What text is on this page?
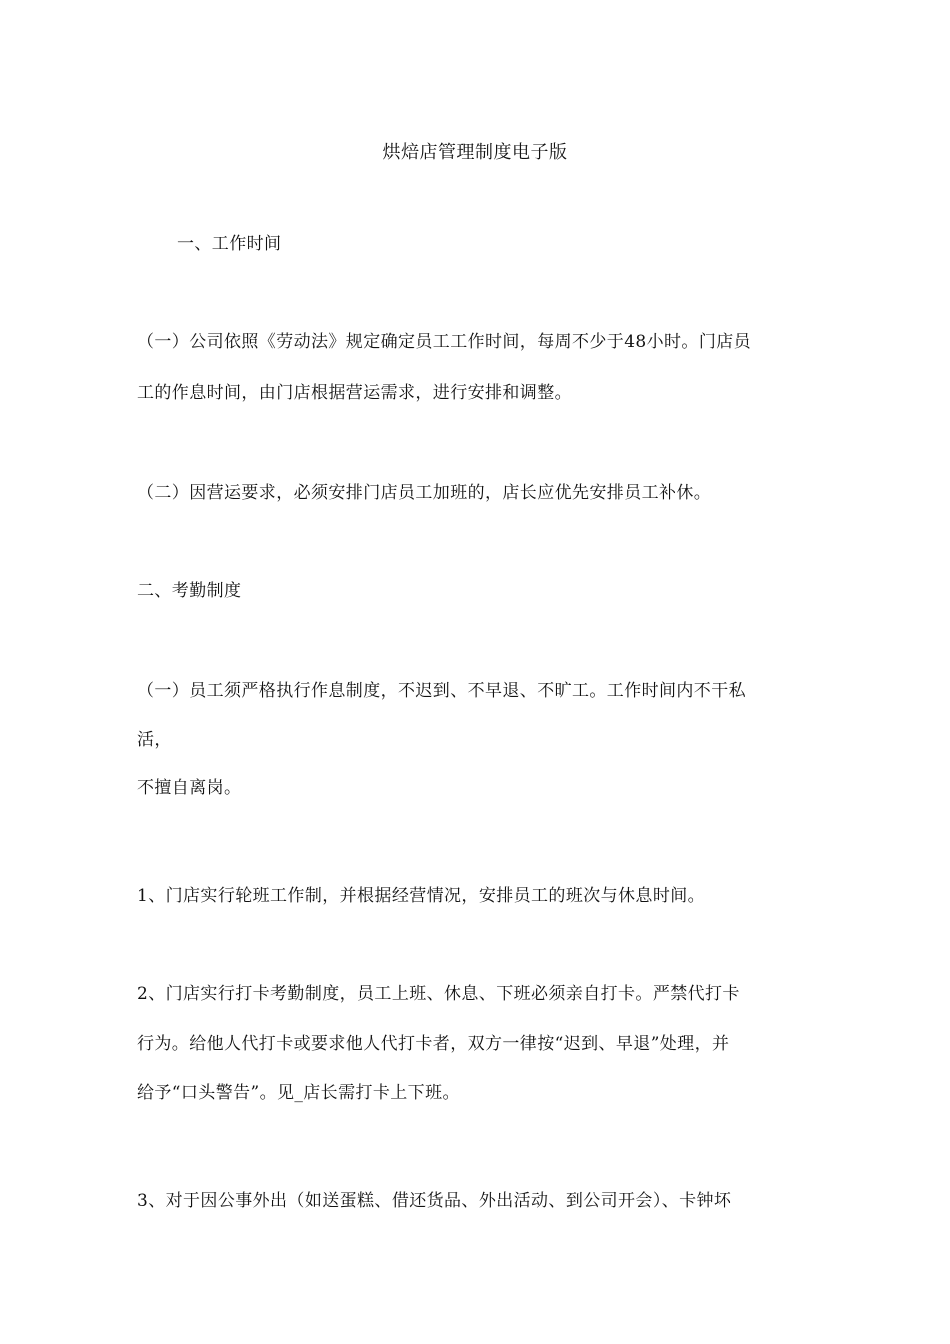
烘焙店管理制度电子版
一、工作时间
（一）公司依照《劳动法》规定确定员工工作时间，每周不少于48小时。门店员
工的作息时间，由门店根据营运需求，进行安排和调整。
（二）因营运要求，必须安排门店员工加班的，店长应优先安排员工补休。
二、考勤制度
（一）员工须严格执行作息制度，不迟到、不早退、不旷工。工作时间内不干私
活，
不擅自离岗。
1、门店实行轮班工作制，并根据经营情况，安排员工的班次与休息时间。
2、门店实行打卡考勤制度，员工上班、休息、下班必须亲自打卡。严禁代打卡
行为。给他人代打卡或要求他人代打卡者，双方一律按“迟到、早退”处理，并
给予“口头警告”。见_店长需打卡上下班。
3、对于因公事外出（如送蛋糕、借还货品、外出活动、到公司开会）、卡钟坏
